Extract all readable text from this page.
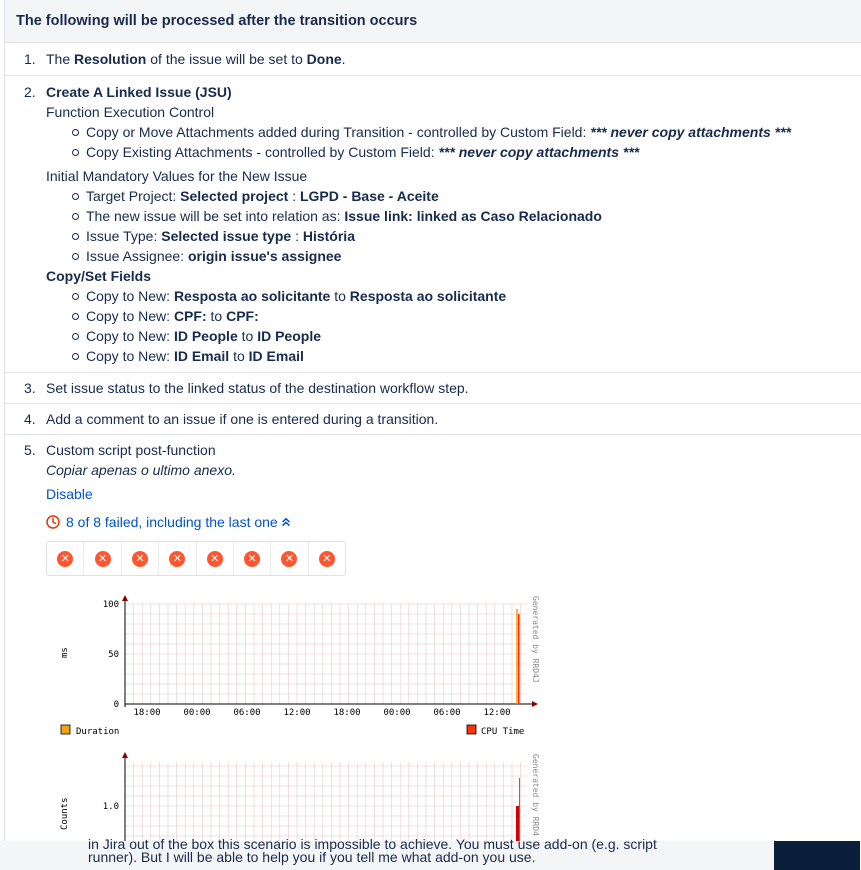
The following will be processed after the transition occurs
1. The Resolution of the issue will be set to Done.
2. Create A Linked Issue (JSU)
Function Execution Control
Copy or Move Attachments added during Transition - controlled by Custom Field: *** never copy attachments ***
Copy Existing Attachments - controlled by Custom Field: *** never copy attachments ***
Initial Mandatory Values for the New Issue
Target Project: Selected project : LGPD - Base - Aceite
The new issue will be set into relation as: Issue link: linked as Caso Relacionado
Issue Type: Selected issue type : História
Issue Assignee: origin issue's assignee
Copy/Set Fields
Copy to New: Resposta ao solicitante to Resposta ao solicitante
Copy to New: CPF: to CPF:
Copy to New: ID People to ID People
Copy to New: ID Email to ID Email
3. Set issue status to the linked status of the destination workflow step.
4. Add a comment to an issue if one is entered during a transition.
5. Custom script post-function
Copiar apenas o ultimo anexo.
Disable
8 of 8 failed, including the last one
✕	✕	✕	✕	✕	✕	✕	✕
ms
100
50
0
18:00	00:00	06:00	12:00	18:00	00:00	06:00	12:00
Generated by RRD4J
Duration	CPU Time
Counts	1.0	Generated by RRD4
runner). But I will be able to help you if you tell me what add-on you use.
